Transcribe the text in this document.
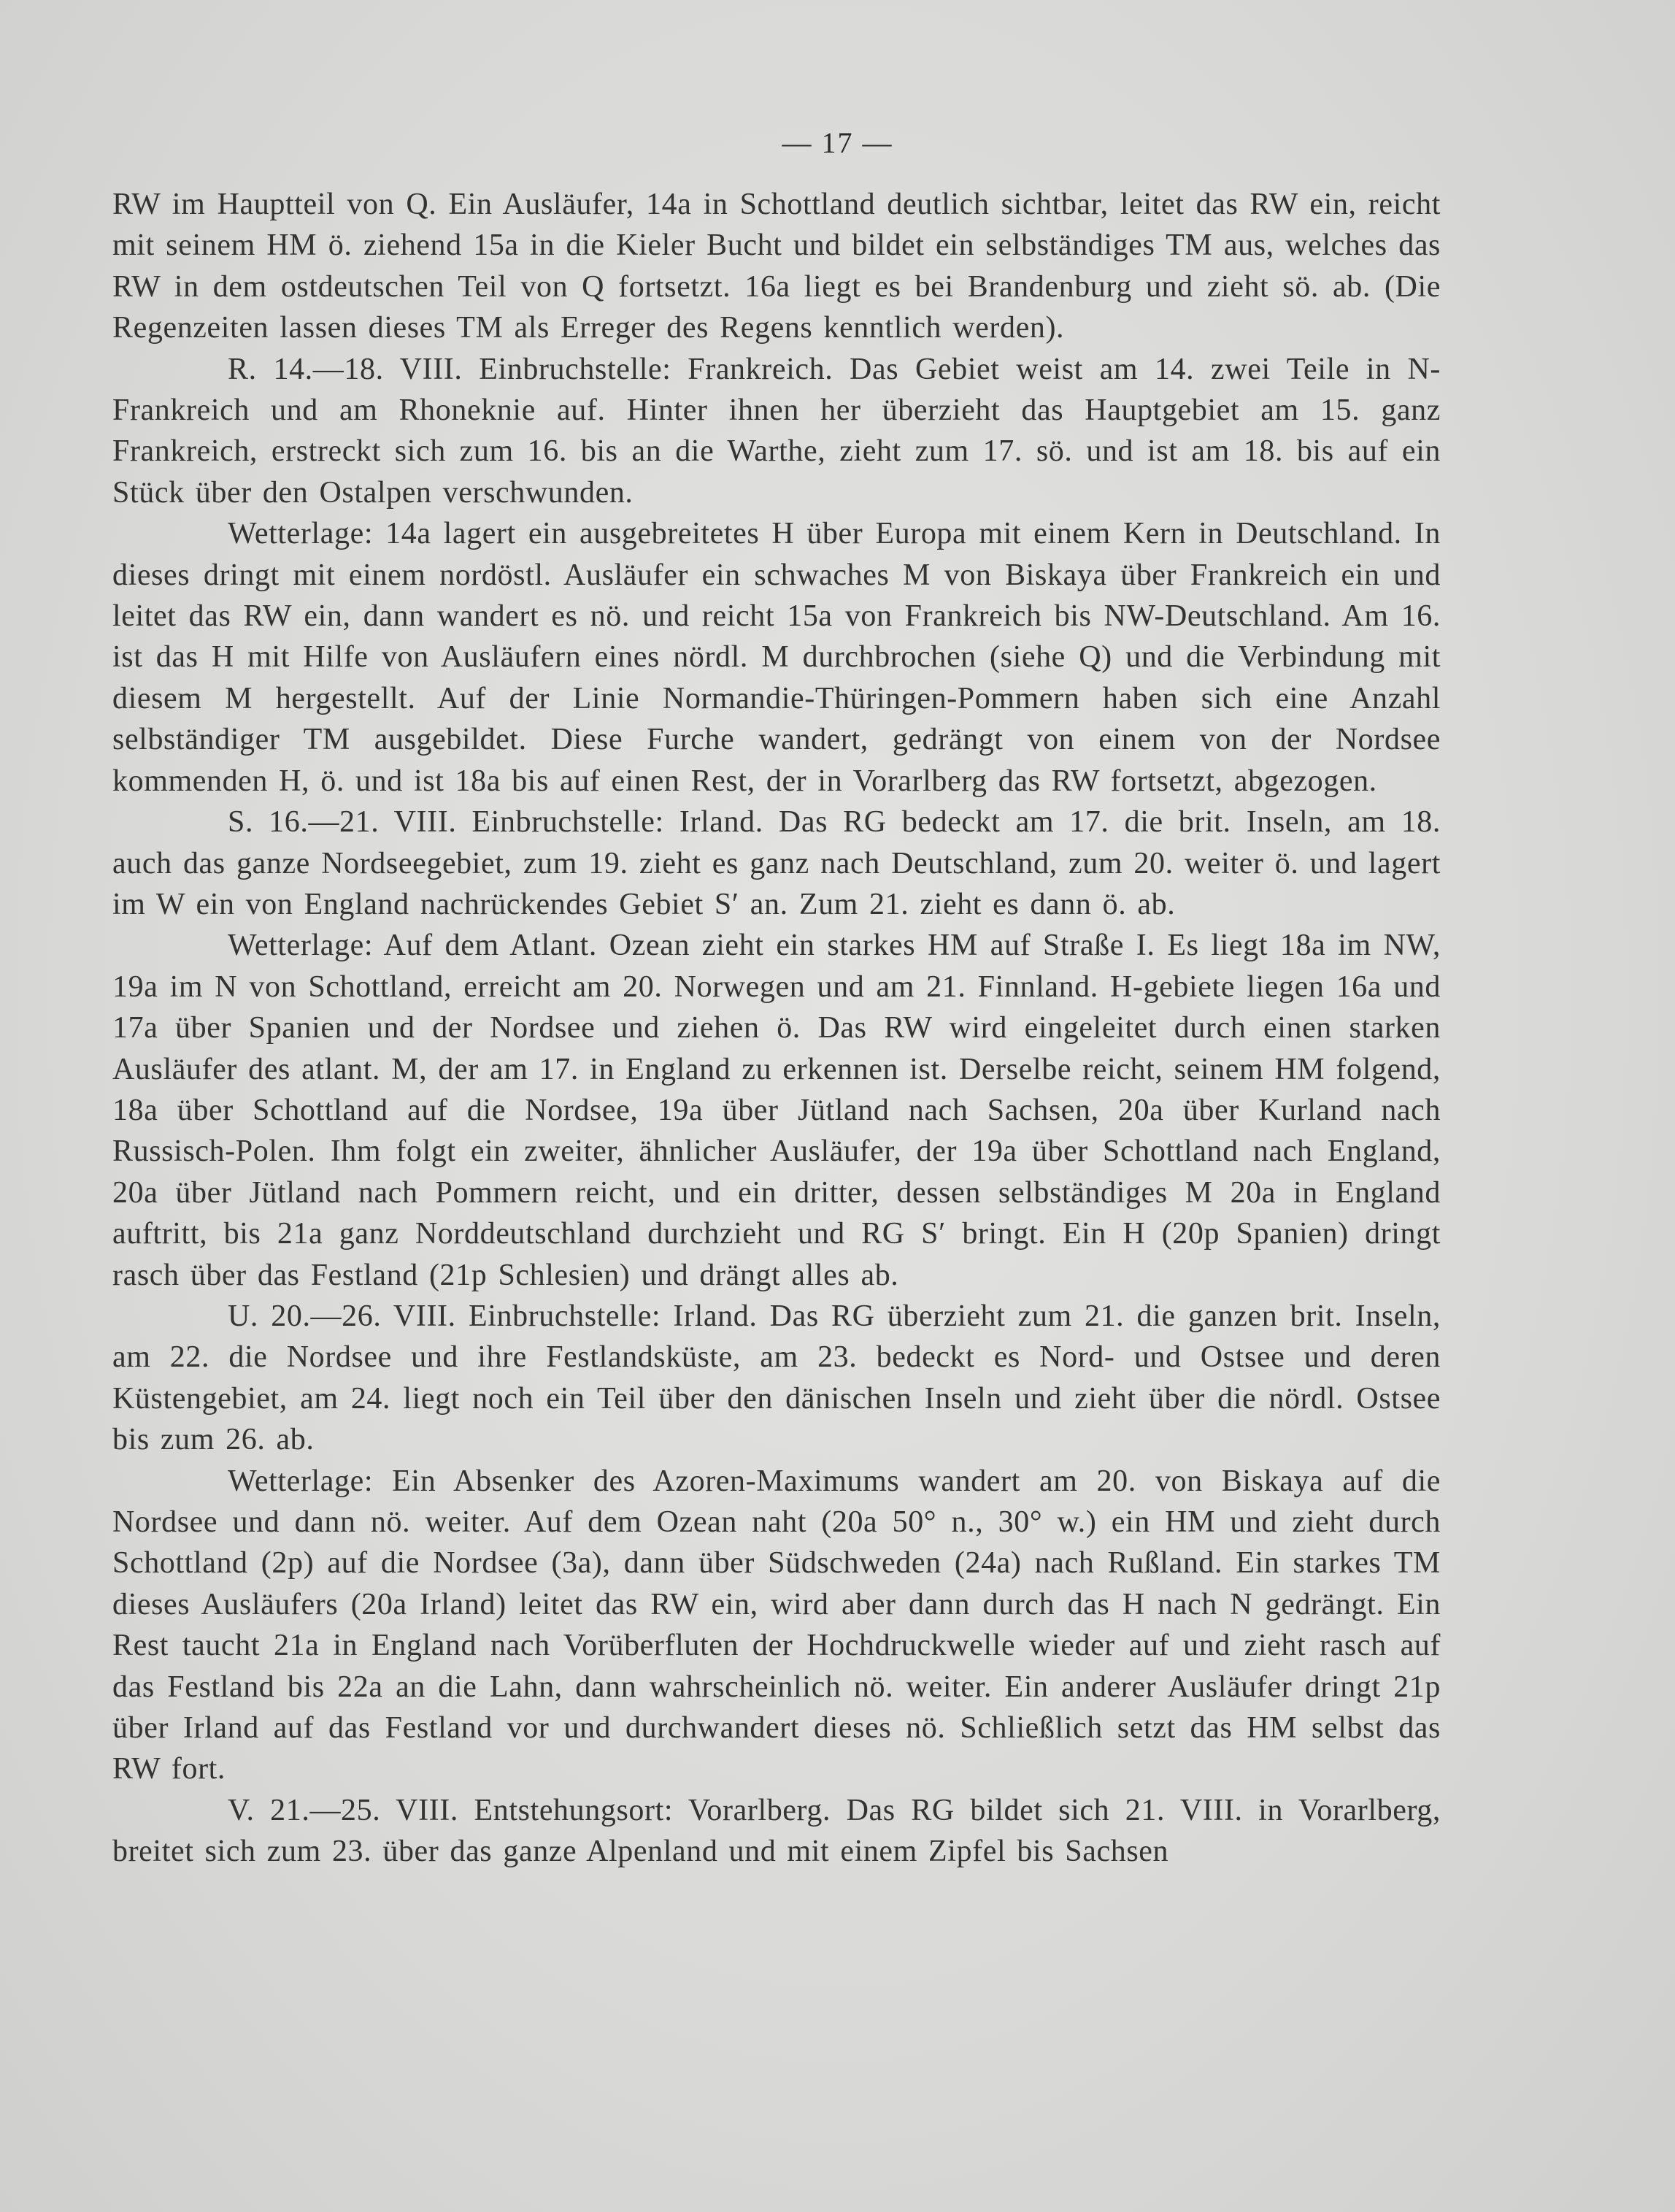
— 17 —

RW im Hauptteil von Q. Ein Ausläufer, 14a in Schottland deutlich sichtbar, leitet das RW ein, reicht mit seinem HM ö. ziehend 15a in die Kieler Bucht und bildet ein selbständiges TM aus, welches das RW in dem ostdeutschen Teil von Q fortsetzt. 16a liegt es bei Brandenburg und zieht sö. ab. (Die Regenzeiten lassen dieses TM als Erreger des Regens kenntlich werden).

R. 14.—18. VIII. Einbruchstelle: Frankreich. Das Gebiet weist am 14. zwei Teile in N-Frankreich und am Rhoneknie auf. Hinter ihnen her überzieht das Hauptgebiet am 15. ganz Frankreich, erstreckt sich zum 16. bis an die Warthe, zieht zum 17. sö. und ist am 18. bis auf ein Stück über den Ostalpen verschwunden.

Wetterlage: 14a lagert ein ausgebreitetes H über Europa mit einem Kern in Deutschland. In dieses dringt mit einem nordöstl. Ausläufer ein schwaches M von Biskaya über Frankreich ein und leitet das RW ein, dann wandert es nö. und reicht 15a von Frankreich bis NW-Deutschland. Am 16. ist das H mit Hilfe von Ausläufern eines nördl. M durchbrochen (siehe Q) und die Verbindung mit diesem M hergestellt. Auf der Linie Normandie-Thüringen-Pommern haben sich eine Anzahl selbständiger TM ausgebildet. Diese Furche wandert, gedrängt von einem von der Nordsee kommenden H, ö. und ist 18a bis auf einen Rest, der in Vorarlberg das RW fortsetzt, abgezogen.

S. 16.—21. VIII. Einbruchstelle: Irland. Das RG bedeckt am 17. die brit. Inseln, am 18. auch das ganze Nordseegebiet, zum 19. zieht es ganz nach Deutschland, zum 20. weiter ö. und lagert im W ein von England nachrückendes Gebiet S′ an. Zum 21. zieht es dann ö. ab.

Wetterlage: Auf dem Atlant. Ozean zieht ein starkes HM auf Straße I. Es liegt 18a im NW, 19a im N von Schottland, erreicht am 20. Norwegen und am 21. Finnland. H-gebiete liegen 16a und 17a über Spanien und der Nordsee und ziehen ö. Das RW wird eingeleitet durch einen starken Ausläufer des atlant. M, der am 17. in England zu erkennen ist. Derselbe reicht, seinem HM folgend, 18a über Schottland auf die Nordsee, 19a über Jütland nach Sachsen, 20a über Kurland nach Russisch-Polen. Ihm folgt ein zweiter, ähnlicher Ausläufer, der 19a über Schottland nach England, 20a über Jütland nach Pommern reicht, und ein dritter, dessen selbständiges M 20a in England auftritt, bis 21a ganz Norddeutschland durchzieht und RG S′ bringt. Ein H (20p Spanien) dringt rasch über das Festland (21p Schlesien) und drängt alles ab.

U. 20.—26. VIII. Einbruchstelle: Irland. Das RG überzieht zum 21. die ganzen brit. Inseln, am 22. die Nordsee und ihre Festlandsküste, am 23. bedeckt es Nord- und Ostsee und deren Küstengebiet, am 24. liegt noch ein Teil über den dänischen Inseln und zieht über die nördl. Ostsee bis zum 26. ab.

Wetterlage: Ein Absenker des Azoren-Maximums wandert am 20. von Biskaya auf die Nordsee und dann nö. weiter. Auf dem Ozean naht (20a 50° n., 30° w.) ein HM und zieht durch Schottland (2p) auf die Nordsee (3a), dann über Südschweden (24a) nach Rußland. Ein starkes TM dieses Ausläufers (20a Irland) leitet das RW ein, wird aber dann durch das H nach N gedrängt. Ein Rest taucht 21a in England nach Vorüberfluten der Hochdruckwelle wieder auf und zieht rasch auf das Festland bis 22a an die Lahn, dann wahrscheinlich nö. weiter. Ein anderer Ausläufer dringt 21p über Irland auf das Festland vor und durchwandert dieses nö. Schließlich setzt das HM selbst das RW fort.

V. 21.—25. VIII. Entstehungsort: Vorarlberg. Das RG bildet sich 21. VIII. in Vorarlberg, breitet sich zum 23. über das ganze Alpenland und mit einem Zipfel bis Sachsen
